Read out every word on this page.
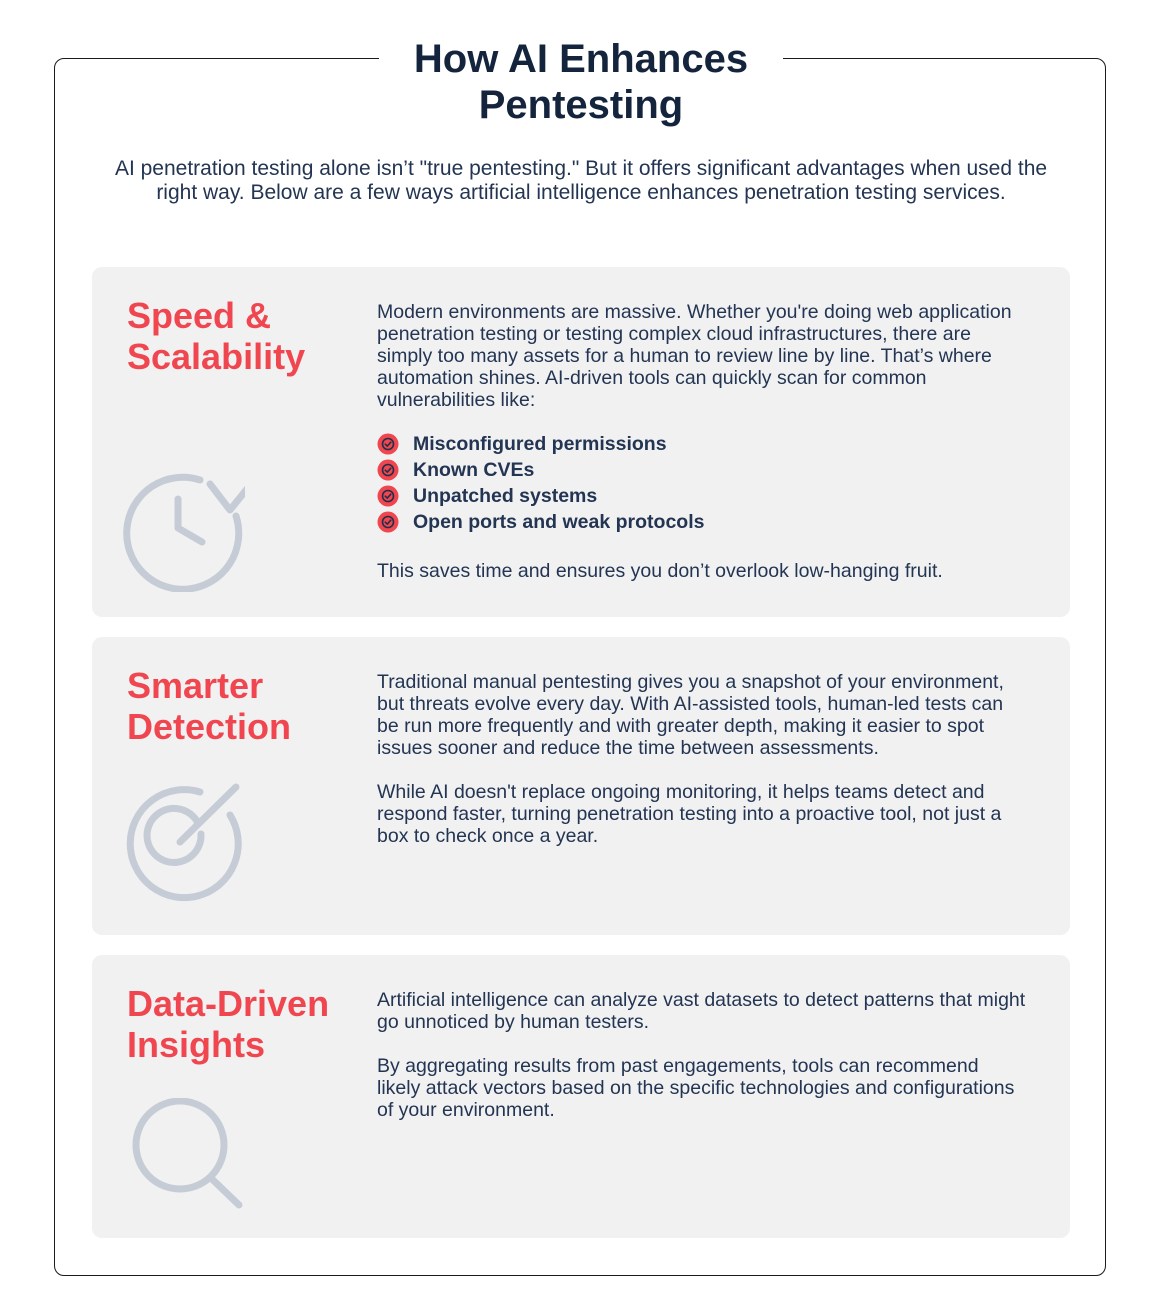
How AI Enhances Pentesting

AI penetration testing alone isn’t "true pentesting." But it offers significant advantages when used the right way. Below are a few ways artificial intelligence enhances penetration testing services.

Speed & Scalability

Modern environments are massive. Whether you're doing web application penetration testing or testing complex cloud infrastructures, there are simply too many assets for a human to review line by line. That’s where automation shines. AI-driven tools can quickly scan for common vulnerabilities like:

Misconfigured permissions
Known CVEs
Unpatched systems
Open ports and weak protocols

This saves time and ensures you don’t overlook low-hanging fruit.

Smarter Detection

Traditional manual pentesting gives you a snapshot of your environment, but threats evolve every day. With AI-assisted tools, human-led tests can be run more frequently and with greater depth, making it easier to spot issues sooner and reduce the time between assessments.

While AI doesn't replace ongoing monitoring, it helps teams detect and respond faster, turning penetration testing into a proactive tool, not just a box to check once a year.

Data-Driven Insights

Artificial intelligence can analyze vast datasets to detect patterns that might go unnoticed by human testers.

By aggregating results from past engagements, tools can recommend likely attack vectors based on the specific technologies and configurations of your environment.
